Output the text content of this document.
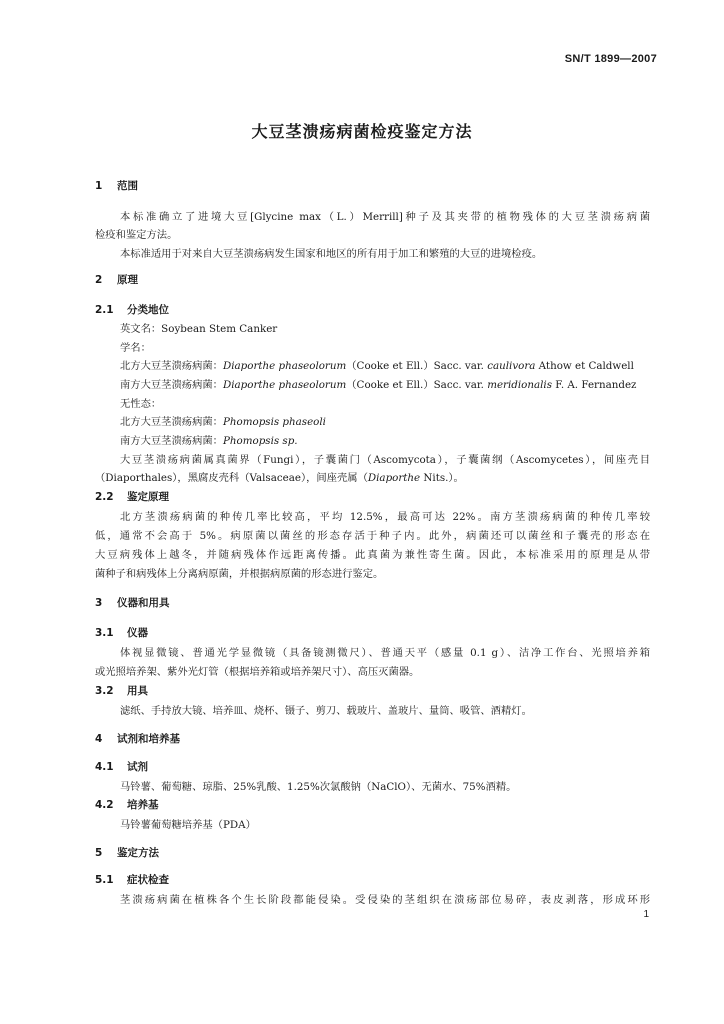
SN/T 1899—2007
大豆茎溃疡病菌检疫鉴定方法
1 范围
本标准确立了进境大豆[Glycine max（L.）Merrill]种子及其夹带的植物残体的大豆茎溃疡病菌
检疫和鉴定方法。
本标准适用于对来自大豆茎溃疡病发生国家和地区的所有用于加工和繁殖的大豆的进境检疫。
2 原理
2.1 分类地位
英文名：Soybean Stem Canker
学名：
北方大豆茎溃疡病菌：Diaporthe phaseolorum（Cooke et Ell.）Sacc. var. caulivora Athow et Caldwell
南方大豆茎溃疡病菌：Diaporthe phaseolorum（Cooke et Ell.）Sacc. var. meridionalis F. A. Fernandez
无性态：
北方大豆茎溃疡病菌：Phomopsis phaseoli
南方大豆茎溃疡病菌：Phomopsis sp.
大豆茎溃疡病菌属真菌界（Fungi），子囊菌门（Ascomycota），子囊菌纲（Ascomycetes），间座壳目
（Diaporthales），黑腐皮壳科（Valsaceae），间座壳属（Diaporthe Nits.）。
2.2 鉴定原理
北方茎溃疡病菌的种传几率比较高，平均 12.5%，最高可达 22%。南方茎溃疡病菌的种传几率较
低，通常不会高于 5%。病原菌以菌丝的形态存活于种子内。此外，病菌还可以菌丝和子囊壳的形态在
大豆病残体上越冬，并随病残体作远距离传播。此真菌为兼性寄生菌。因此，本标准采用的原理是从带
菌种子和病残体上分离病原菌，并根据病原菌的形态进行鉴定。
3 仪器和用具
3.1 仪器
体视显微镜、普通光学显微镜（具备镜测微尺）、普通天平（感量 0.1 g）、洁净工作台、光照培养箱
或光照培养架、紫外光灯管（根据培养箱或培养架尺寸）、高压灭菌器。
3.2 用具
滤纸、手持放大镜、培养皿、烧杯、镊子、剪刀、载玻片、盖玻片、量筒、吸管、酒精灯。
4 试剂和培养基
4.1 试剂
马铃薯、葡萄糖、琼脂、25%乳酸、1.25%次氯酸钠（NaClO）、无菌水、75%酒精。
4.2 培养基
马铃薯葡萄糖培养基（PDA）
5 鉴定方法
5.1 症状检查
茎溃疡病菌在植株各个生长阶段都能侵染。受侵染的茎组织在溃疡部位易碎，表皮剥落，形成环形
1
